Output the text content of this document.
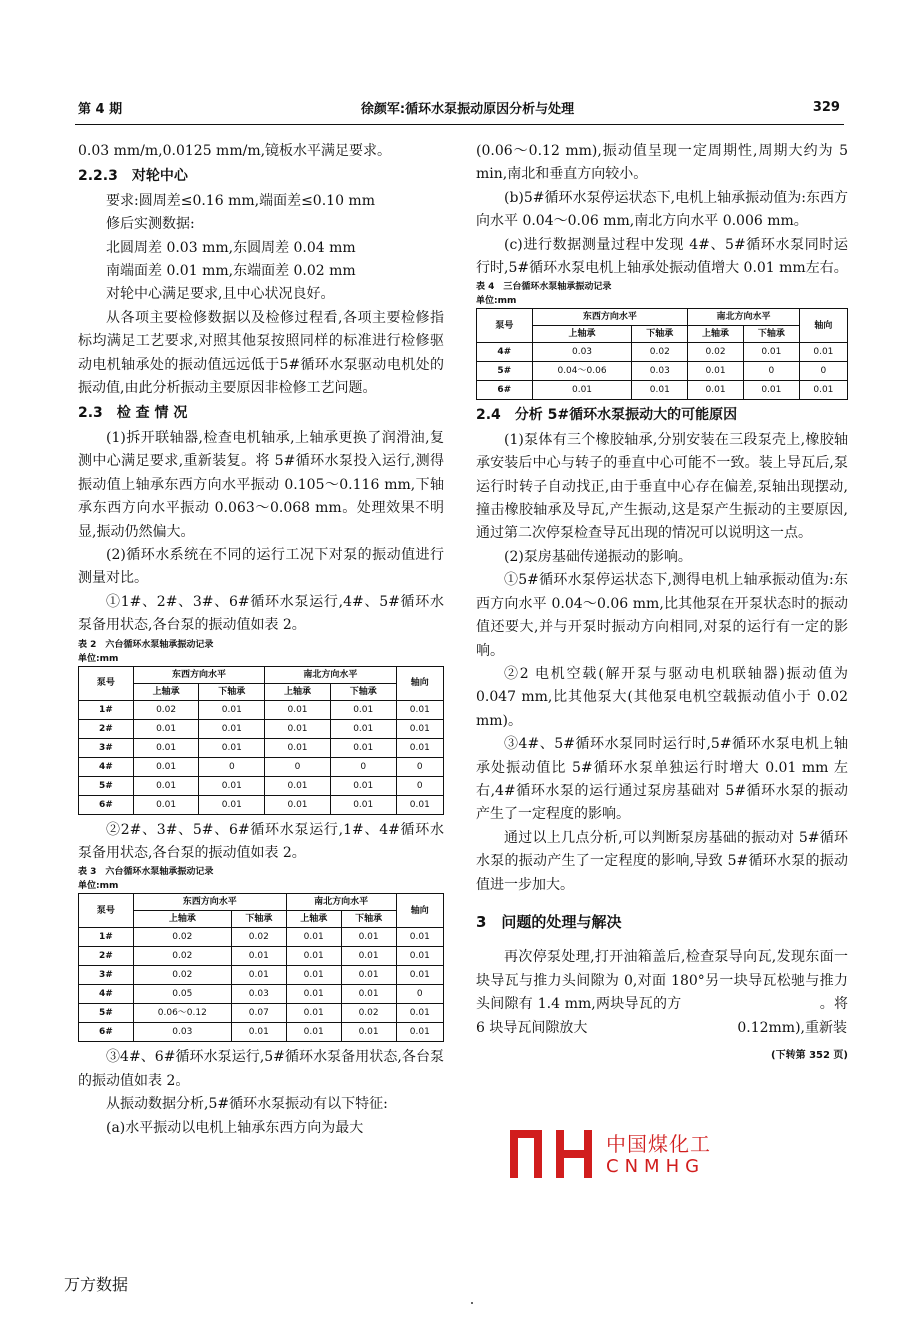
第 4 期	徐颜军:循环水泵振动原因分析与处理	329

0.03 mm/m,0.0125 mm/m,镜板水平满足要求。

2.2.3　对轮中心

要求:圆周差≤0.16 mm,端面差≤0.10 mm

修后实测数据:

北圆周差 0.03 mm,东圆周差 0.04 mm

南端面差 0.01 mm,东端面差 0.02 mm

对轮中心满足要求,且中心状况良好。

从各项主要检修数据以及检修过程看,各项主要检修指标均满足工艺要求,对照其他泵按照同样的标准进行检修驱动电机轴承处的振动值远远低于5#循环水泵驱动电机处的振动值,由此分析振动主要原因非检修工艺问题。

2.3　检 查 情 况

(1)拆开联轴器,检查电机轴承,上轴承更换了润滑油,复测中心满足要求,重新装复。将 5#循环水泵投入运行,测得振动值上轴承东西方向水平振动 0.105～0.116 mm,下轴承东西方向水平振动 0.063～0.068 mm。处理效果不明显,振动仍然偏大。

(2)循环水系统在不同的运行工况下对泵的振动值进行测量对比。

①1#、2#、3#、6#循环水泵运行,4#、5#循环水泵备用状态,各台泵的振动值如表 2。

表 2　六台循环水泵轴承振动记录

单位:mm

泵号	东西方向水平		南北方向水平		轴向
	上轴承	下轴承	上轴承	下轴承	
1#	0.02	0.01	0.01	0.01	0.01
2#	0.01	0.01	0.01	0.01	0.01
3#	0.01	0.01	0.01	0.01	0.01
4#	0.01	0	0	0	0
5#	0.01	0.01	0.01	0.01	0
6#	0.01	0.01	0.01	0.01	0.01

②2#、3#、5#、6#循环水泵运行,1#、4#循环水泵备用状态,各台泵的振动值如表 2。

表 3　六台循环水泵轴承振动记录

单位:mm

泵号	东西方向水平		南北方向水平		轴向
	上轴承	下轴承	上轴承	下轴承	
1#	0.02	0.02	0.01	0.01	0.01
2#	0.02	0.01	0.01	0.01	0.01
3#	0.02	0.01	0.01	0.01	0.01
4#	0.05	0.03	0.01	0.01	0
5#	0.06～0.12	0.07	0.01	0.02	0.01
6#	0.03	0.01	0.01	0.01	0.01

③4#、6#循环水泵运行,5#循环水泵备用状态,各台泵的振动值如表 2。

从振动数据分析,5#循环水泵振动有以下特征:

(a)水平振动以电机上轴承东西方向为最大

(0.06～0.12 mm),振动值呈现一定周期性,周期大约为 5 min,南北和垂直方向较小。

(b)5#循环水泵停运状态下,电机上轴承振动值为:东西方向水平 0.04～0.06 mm,南北方向水平 0.006 mm。

(c)进行数据测量过程中发现 4#、5#循环水泵同时运行时,5#循环水泵电机上轴承处振动值增大 0.01 mm左右。

表 4　三台循环水泵轴承振动记录

单位:mm

泵号	东西方向水平		南北方向水平		轴向
	上轴承	下轴承	上轴承	下轴承	
4#	0.03	0.02	0.02	0.01	0.01
5#	0.04～0.06	0.03	0.01	0	0
6#	0.01	0.01	0.01	0.01	0.01

2.4　分析 5#循环水泵振动大的可能原因

(1)泵体有三个橡胶轴承,分别安装在三段泵壳上,橡胶轴承安装后中心与转子的垂直中心可能不一致。装上导瓦后,泵运行时转子自动找正,由于垂直中心存在偏差,泵轴出现摆动,撞击橡胶轴承及导瓦,产生振动,这是泵产生振动的主要原因,通过第二次停泵检查导瓦出现的情况可以说明这一点。

(2)泵房基础传递振动的影响。

①5#循环水泵停运状态下,测得电机上轴承振动值为:东西方向水平 0.04～0.06 mm,比其他泵在开泵状态时的振动值还要大,并与开泵时振动方向相同,对泵的运行有一定的影响。

②2 电机空载(解开泵与驱动电机联轴器)振动值为 0.047 mm,比其他泵大(其他泵电机空载振动值小于 0.02 mm)。

③4#、5#循环水泵同时运行时,5#循环水泵电机上轴承处振动值比 5#循环水泵单独运行时增大 0.01 mm 左右,4#循环水泵的运行通过泵房基础对 5#循环水泵的振动产生了一定程度的影响。

通过以上几点分析,可以判断泵房基础的振动对 5#循环水泵的振动产生了一定程度的影响,导致 5#循环水泵的振动值进一步加大。

3　问题的处理与解决

再次停泵处理,打开油箱盖后,检查泵导向瓦,发现东面一块导瓦与推力头间隙为 0,对面 180°另一块导瓦松驰与推力头间隙有 1.4 mm,两块导瓦的方	。将 6 块导瓦间隙放大	0.12mm),重新装

(下转第 352 页)

中国煤化工
CNMHG
万方数据
